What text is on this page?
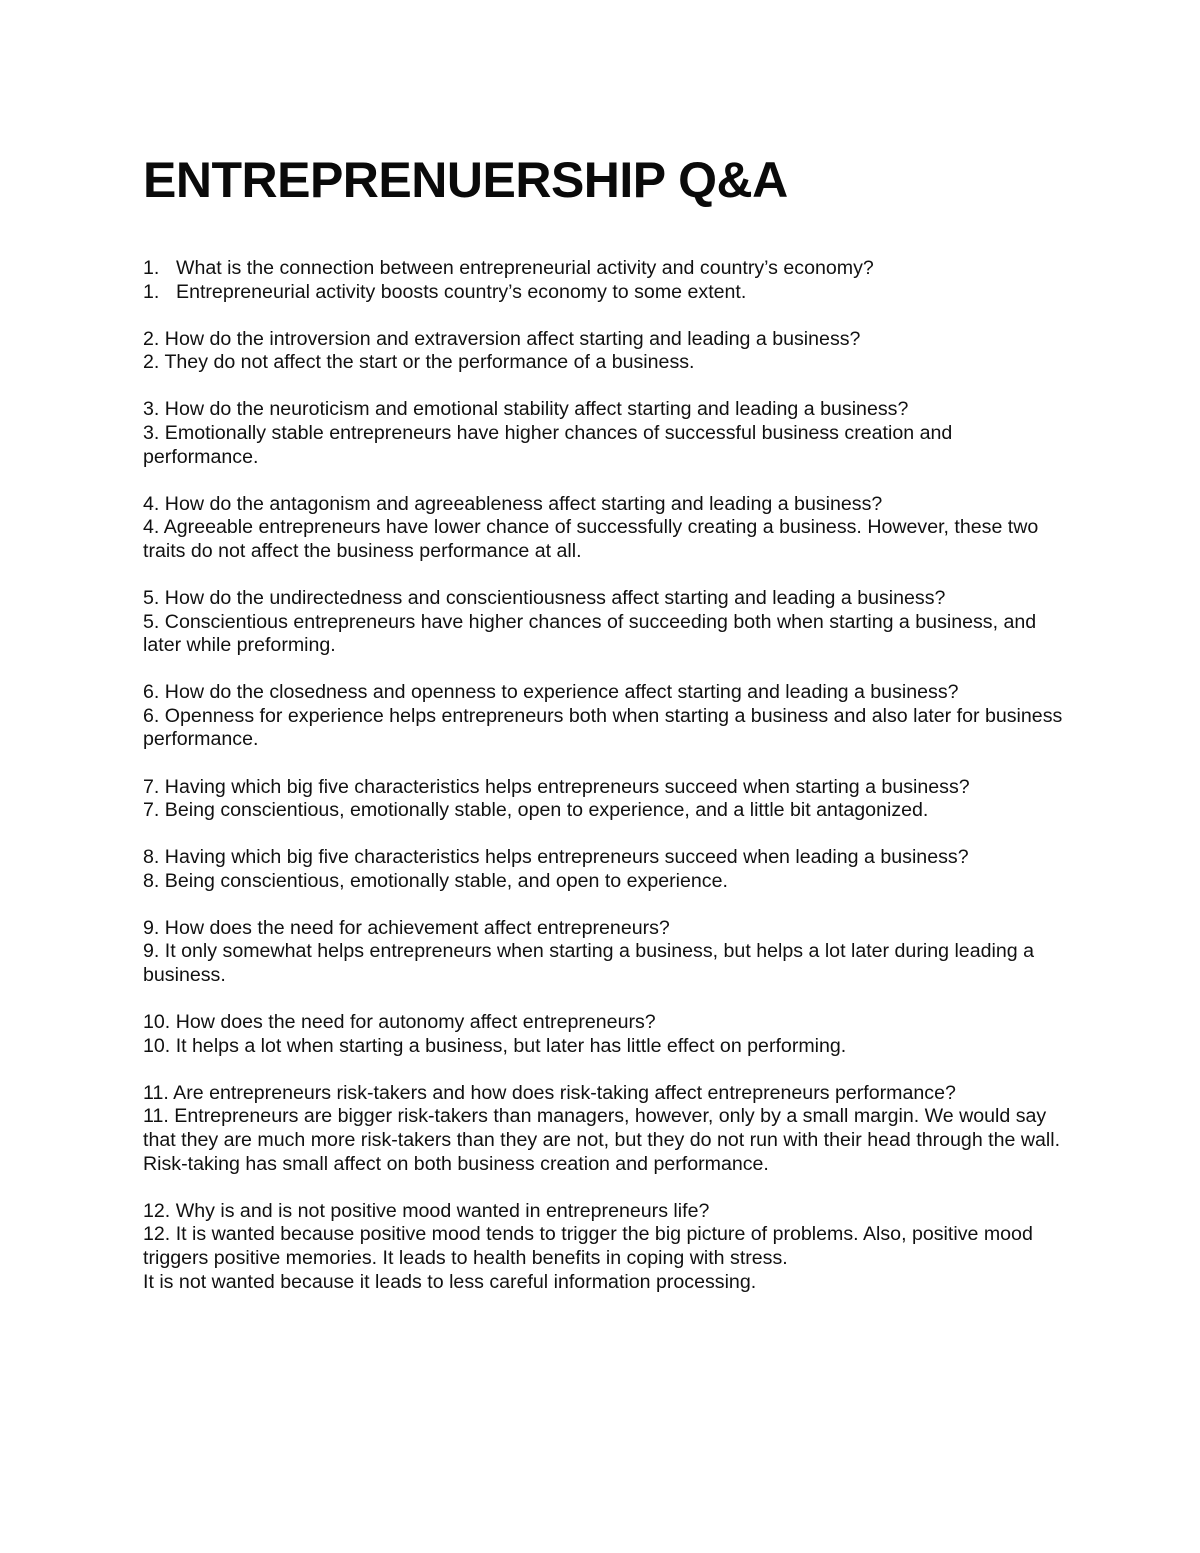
ENTREPRENUERSHIP Q&A
1. What is the connection between entrepreneurial activity and country’s economy?
1. Entrepreneurial activity boosts country’s economy to some extent.
2. How do the introversion and extraversion affect starting and leading a business?
2. They do not affect the start or the performance of a business.
3. How do the neuroticism and emotional stability affect starting and leading a business?
3. Emotionally stable entrepreneurs have higher chances of successful business creation and performance.
4. How do the antagonism and agreeableness affect starting and leading a business?
4. Agreeable entrepreneurs have lower chance of successfully creating a business. However, these two traits do not affect the business performance at all.
5. How do the undirectedness and conscientiousness affect starting and leading a business?
5. Conscientious entrepreneurs have higher chances of succeeding both when starting a business, and later while preforming.
6. How do the closedness and openness to experience affect starting and leading a business?
6. Openness for experience helps entrepreneurs both when starting a business and also later for business performance.
7. Having which big five characteristics helps entrepreneurs succeed when starting a business?
7. Being conscientious, emotionally stable, open to experience, and a little bit antagonized.
8. Having which big five characteristics helps entrepreneurs succeed when leading a business?
8. Being conscientious, emotionally stable, and open to experience.
9. How does the need for achievement affect entrepreneurs?
9. It only somewhat helps entrepreneurs when starting a business, but helps a lot later during leading a business.
10. How does the need for autonomy affect entrepreneurs?
10. It helps a lot when starting a business, but later has little effect on performing.
11. Are entrepreneurs risk-takers and how does risk-taking affect entrepreneurs performance?
11. Entrepreneurs are bigger risk-takers than managers, however, only by a small margin. We would say that they are much more risk-takers than they are not, but they do not run with their head through the wall. Risk-taking has small affect on both business creation and performance.
12. Why is and is not positive mood wanted in entrepreneurs life?
12. It is wanted because positive mood tends to trigger the big picture of problems. Also, positive mood triggers positive memories. It leads to health benefits in coping with stress.
It is not wanted because it leads to less careful information processing.
